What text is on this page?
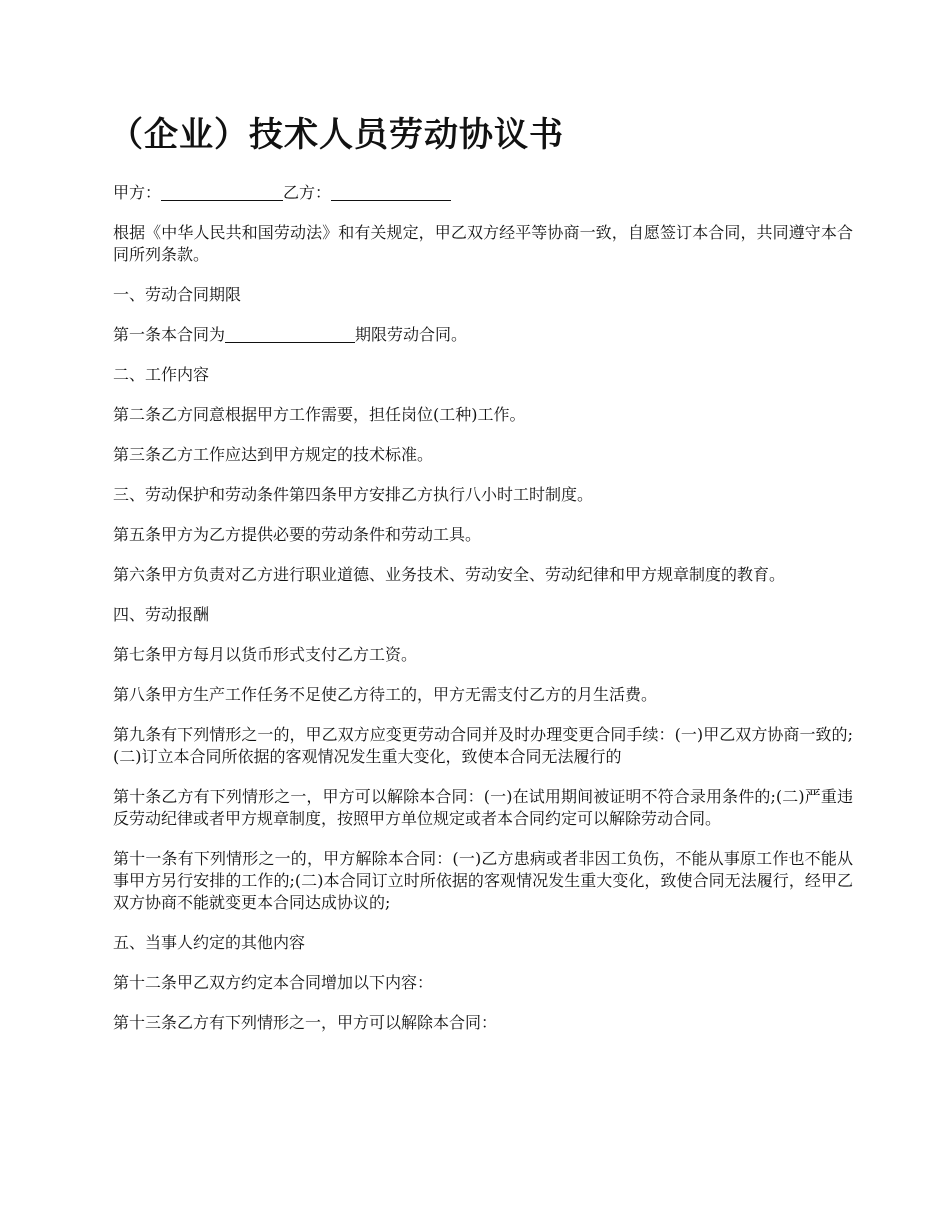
（企业）技术人员劳动协议书
甲方：	乙方：

根据《中华人民共和国劳动法》和有关规定，甲乙双方经平等协商一致，自愿签订本合同，共同遵守本合同所列条款。

一、劳动合同期限

第一条本合同为	期限劳动合同。

二、工作内容

第二条乙方同意根据甲方工作需要，担任岗位(工种)工作。

第三条乙方工作应达到甲方规定的技术标准。

三、劳动保护和劳动条件第四条甲方安排乙方执行八小时工时制度。

第五条甲方为乙方提供必要的劳动条件和劳动工具。

第六条甲方负责对乙方进行职业道德、业务技术、劳动安全、劳动纪律和甲方规章制度的教育。

四、劳动报酬

第七条甲方每月以货币形式支付乙方工资。

第八条甲方生产工作任务不足使乙方待工的，甲方无需支付乙方的月生活费。

第九条有下列情形之一的，甲乙双方应变更劳动合同并及时办理变更合同手续：(一)甲乙双方协商一致的;(二)订立本合同所依据的客观情况发生重大变化，致使本合同无法履行的

第十条乙方有下列情形之一，甲方可以解除本合同：(一)在试用期间被证明不符合录用条件的;(二)严重违反劳动纪律或者甲方规章制度，按照甲方单位规定或者本合同约定可以解除劳动合同。

第十一条有下列情形之一的，甲方解除本合同：(一)乙方患病或者非因工负伤，不能从事原工作也不能从事甲方另行安排的工作的;(二)本合同订立时所依据的客观情况发生重大变化，致使合同无法履行，经甲乙双方协商不能就变更本合同达成协议的;

五、当事人约定的其他内容

第十二条甲乙双方约定本合同增加以下内容：

第十三条乙方有下列情形之一，甲方可以解除本合同：
